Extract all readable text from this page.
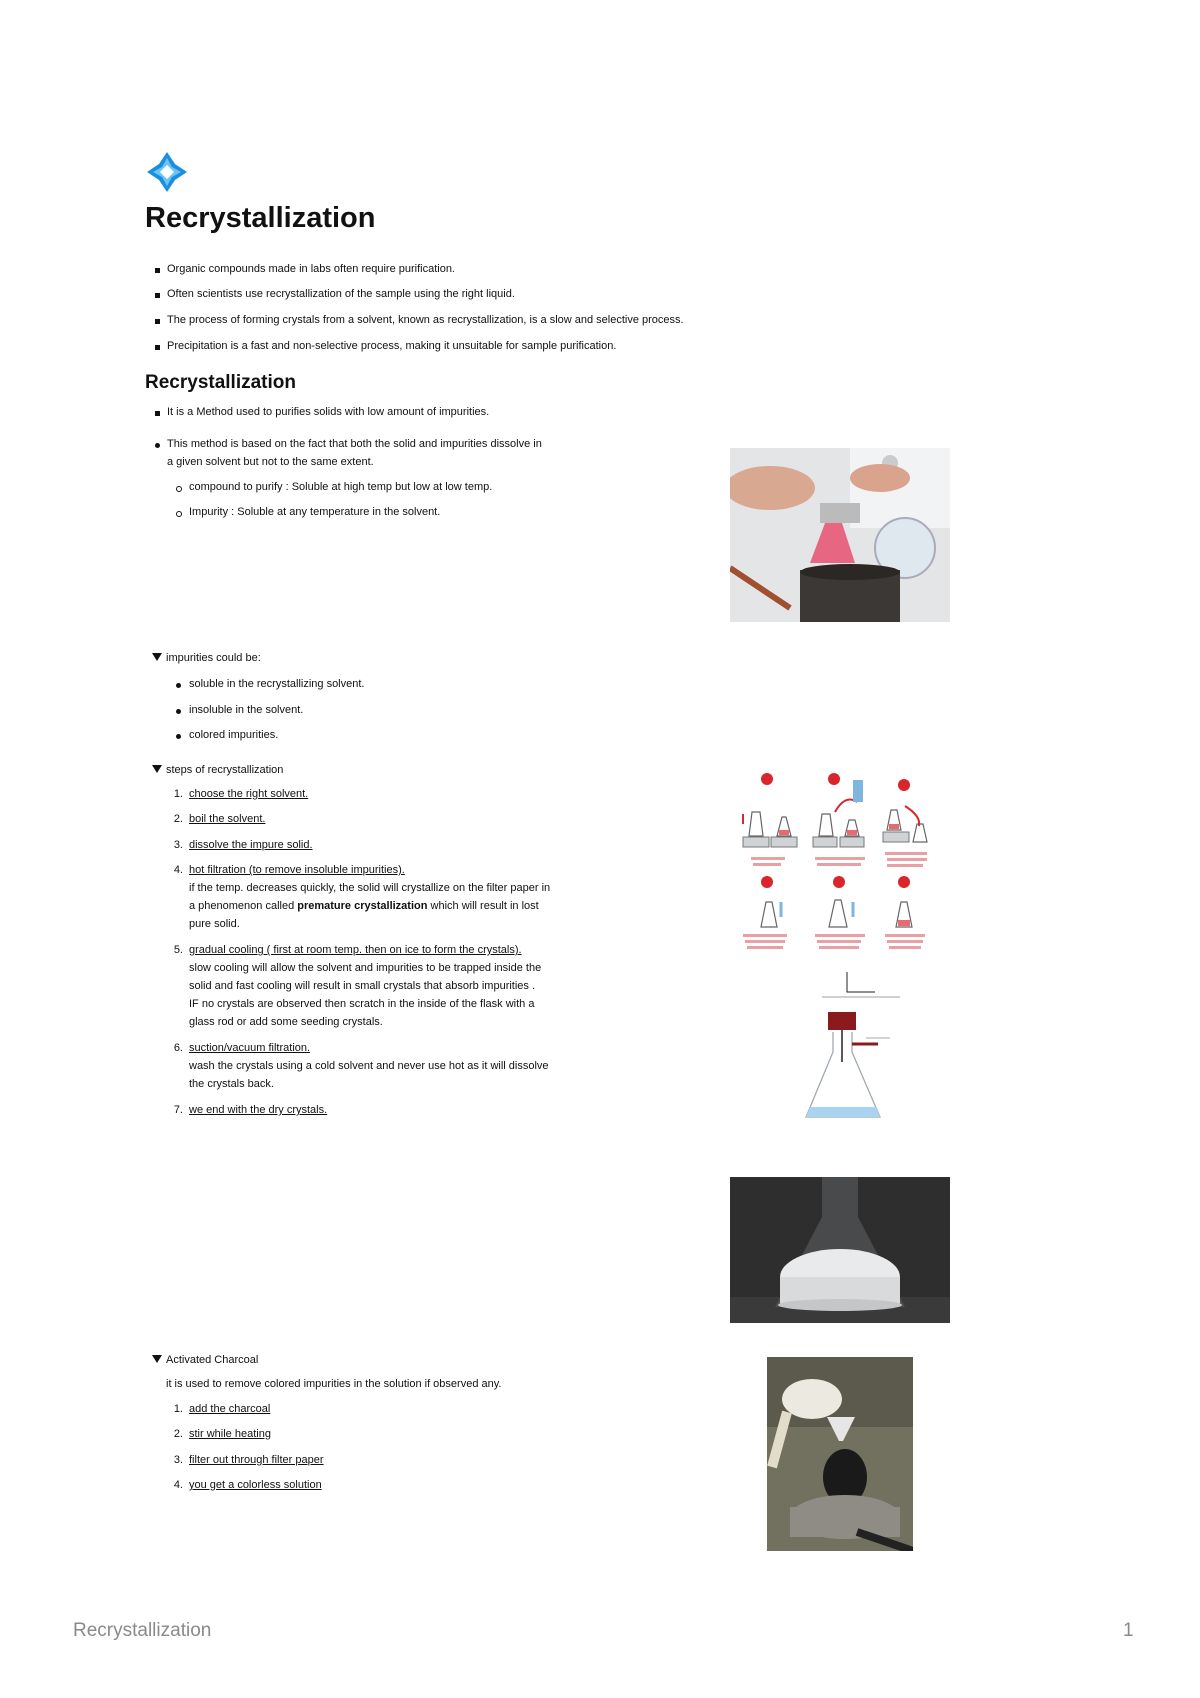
Recrystallization
Organic compounds made in labs often require purification.
Often scientists use recrystallization of the sample using the right liquid.
The process of forming crystals from a solvent, known as recrystallization, is a slow and selective process.
Precipitation is a fast and non-selective process, making it unsuitable for sample purification.
Recrystallization
It is a Method used to purifies solids with low amount of impurities.
This method is based on the fact that both the solid and impurities dissolve in
a given solvent but not to the same extent.
compound to purify : Soluble at high temp but low at low temp.
Impurity : Soluble at any temperature in the solvent.
impurities could be:
soluble in the recrystallizing solvent.
insoluble in the solvent.
colored impurities.
steps of recrystallization
1. choose the right solvent.
2. boil the solvent.
3. dissolve the impure solid.
4. hot filtration (to remove insoluble impurities).
if the temp. decreases quickly, the solid will crystallize on the filter paper in
a phenomenon called premature crystallization which will result in lost
pure solid.
5. gradual cooling ( first at room temp. then on ice to form the crystals).
slow cooling will allow the solvent and impurities to be trapped inside the
solid and fast cooling will result in small crystals that absorb impurities .
IF no crystals are observed then scratch in the inside of the flask with a
glass rod or add some seeding crystals.
6. suction/vacuum filtration.
wash the crystals using a cold solvent and never use hot as it will dissolve
the crystals back.
7. we end with the dry crystals.
Activated Charcoal
it is used to remove colored impurities in the solution if observed any.
1. add the charcoal
2. stir while heating
3. filter out through filter paper
4. you get a colorless solution
Recrystallization	1
